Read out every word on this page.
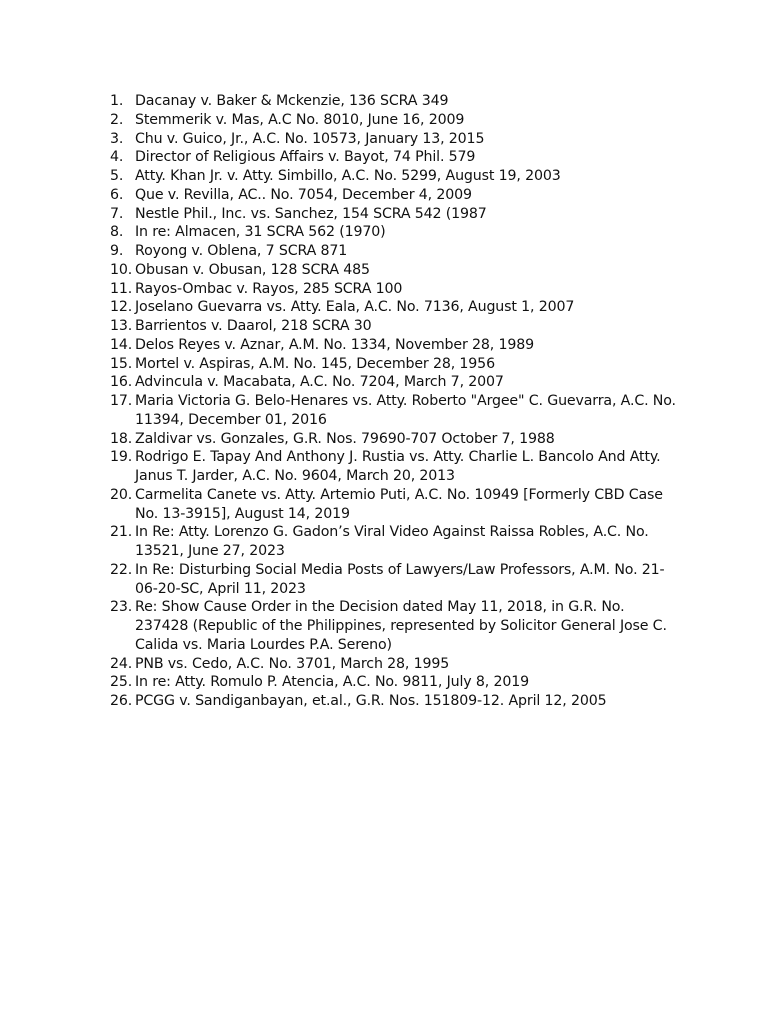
1. Dacanay v. Baker & Mckenzie, 136 SCRA 349
2. Stemmerik v. Mas, A.C No. 8010, June 16, 2009
3. Chu v. Guico, Jr., A.C. No. 10573, January 13, 2015
4. Director of Religious Affairs v. Bayot, 74 Phil. 579
5. Atty. Khan Jr. v. Atty. Simbillo, A.C. No. 5299, August 19, 2003
6. Que v. Revilla, AC.. No. 7054, December 4, 2009
7. Nestle Phil., Inc. vs. Sanchez, 154 SCRA 542 (1987
8. In re: Almacen, 31 SCRA 562 (1970)
9. Royong v. Oblena, 7 SCRA 871
10. Obusan v. Obusan, 128 SCRA 485
11. Rayos-Ombac v. Rayos, 285 SCRA 100
12. Joselano Guevarra vs. Atty. Eala, A.C. No. 7136, August 1, 2007
13. Barrientos v. Daarol, 218 SCRA 30
14. Delos Reyes v. Aznar, A.M. No. 1334, November 28, 1989
15. Mortel v. Aspiras, A.M. No. 145, December 28, 1956
16. Advincula v. Macabata, A.C. No. 7204, March 7, 2007
17. Maria Victoria G. Belo-Henares vs. Atty. Roberto "Argee" C. Guevarra, A.C. No. 11394, December 01, 2016
18. Zaldivar vs. Gonzales, G.R. Nos. 79690-707 October 7, 1988
19. Rodrigo E. Tapay And Anthony J. Rustia vs. Atty. Charlie L. Bancolo And Atty. Janus T. Jarder, A.C. No. 9604, March 20, 2013
20. Carmelita Canete vs. Atty. Artemio Puti, A.C. No. 10949 [Formerly CBD Case No. 13-3915], August 14, 2019
21. In Re: Atty. Lorenzo G. Gadon’s Viral Video Against Raissa Robles, A.C. No. 13521, June 27, 2023
22. In Re: Disturbing Social Media Posts of Lawyers/Law Professors, A.M. No. 21-06-20-SC, April 11, 2023
23. Re: Show Cause Order in the Decision dated May 11, 2018, in G.R. No. 237428 (Republic of the Philippines, represented by Solicitor General Jose C. Calida vs. Maria Lourdes P.A. Sereno)
24. PNB vs. Cedo, A.C. No. 3701, March 28, 1995
25. In re: Atty. Romulo P. Atencia, A.C. No. 9811, July 8, 2019
26. PCGG v. Sandiganbayan, et.al., G.R. Nos. 151809-12. April 12, 2005
